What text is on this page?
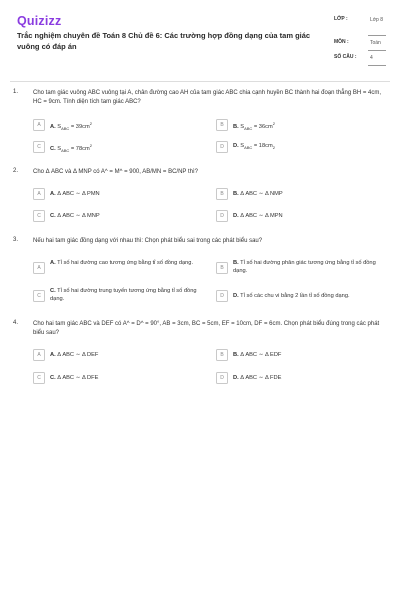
Quizizz
Trắc nghiệm chuyên đề Toán 8 Chủ đề 6: Các trường hợp đồng dạng của tam giác vuông có đáp án
LỚP :	Lớp 8
MÔN :	Toán
SỐ CÂU :	4
1. Cho tam giác vuông ABC vuông tại A, chân đường cao AH của tam giác ABC chia cạnh huyền BC thành hai đoạn thẳng BH = 4cm, HC = 9cm. Tính diện tích tam giác ABC?
A	A. $S_{ABC} = 39cm^2$	B	B. $S_{ABC} = 36cm^2$
C	C. $S_{ABC} = 78cm^2$	D	D. $S_{ABC} = 18cm_2$
2. Cho Δ ABC và Δ MNP có A^ = M^ = 900, AB/MN = BC/NP thì?
A	A. Δ ABC ∼ Δ PMN	B	B. Δ ABC ∼ Δ NMP
C	C. Δ ABC ∼ Δ MNP	D	D. Δ ABC ∼ Δ MPN
3. Nếu hai tam giác đồng dạng với nhau thì: Chọn phát biểu sai trong các phát biểu sau?
A
A. Tỉ số hai đường cao tương ứng bằng tỉ số đồng dạng.
B
B. Tỉ số hai đường phân giác tương ứng bằng tỉ số đồng dạng.
C
C. Tỉ số hai đường trung tuyến tương ứng bằng tỉ số đồng dạng.	D	D. Tỉ số các chu vi bằng 2 lần tỉ số đồng dạng.
4. Cho hai tam giác ABC và DEF có A^ = D^ = 90°, AB = 3cm, BC = 5cm, EF = 10cm, DF = 6cm. Chọn phát biểu đúng trong các phát biểu sau?
A	A. Δ ABC ∼ Δ DEF	B	B. Δ ABC ∼ Δ EDF
C	C. Δ ABC ∼ Δ DFE	D	D. Δ ABC ∼ Δ FDE
